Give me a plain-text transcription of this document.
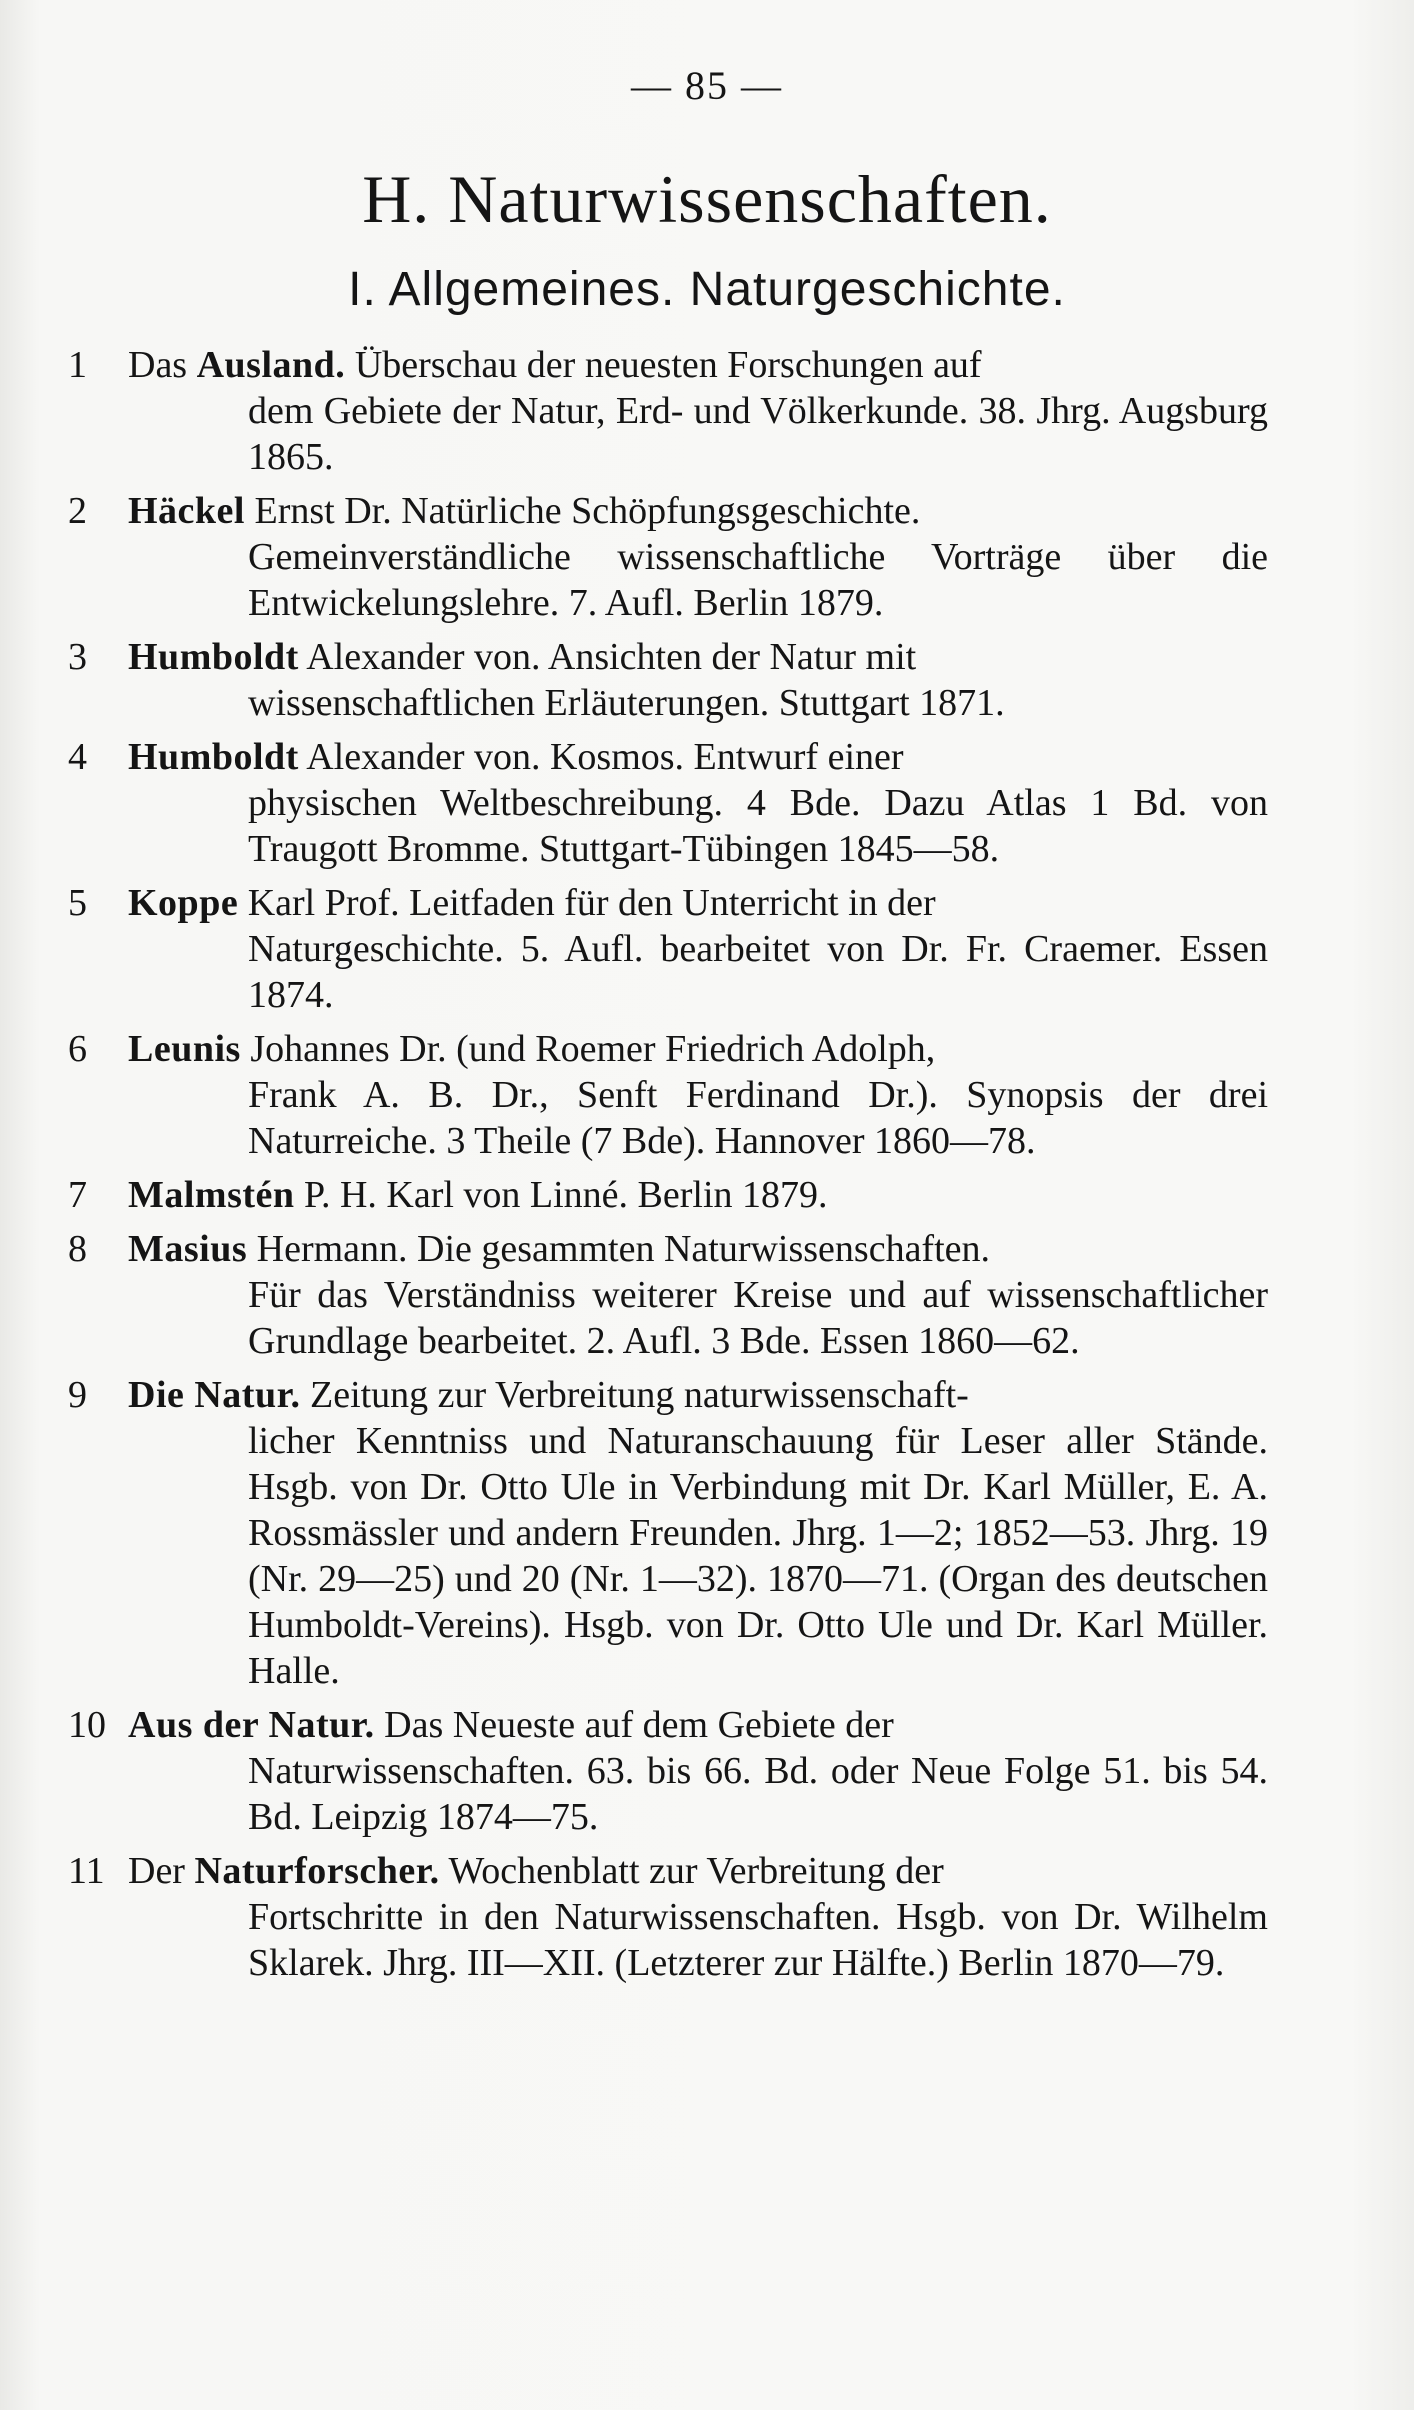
— 85 —
H. Naturwissenschaften.
I. Allgemeines. Naturgeschichte.
1	Das Ausland. Überschau der neuesten Forschungen auf
dem Gebiete der Natur, Erd- und Völkerkunde. 38. Jhrg. Augsburg 1865.
2	Häckel Ernst Dr. Natürliche Schöpfungsgeschichte.
Gemeinverständliche wissenschaftliche Vorträge über die Entwickelungslehre. 7. Aufl. Berlin 1879.
3	Humboldt Alexander von. Ansichten der Natur mit
wissenschaftlichen Erläuterungen. Stuttgart 1871.
4	Humboldt Alexander von. Kosmos. Entwurf einer
physischen Weltbeschreibung. 4 Bde. Dazu Atlas 1 Bd. von Traugott Bromme. Stuttgart-Tübingen 1845—58.
5	Koppe Karl Prof. Leitfaden für den Unterricht in der
Naturgeschichte. 5. Aufl. bearbeitet von Dr. Fr. Craemer. Essen 1874.
6	Leunis Johannes Dr. (und Roemer Friedrich Adolph,
Frank A. B. Dr., Senft Ferdinand Dr.). Synopsis der drei Naturreiche. 3 Theile (7 Bde). Hannover 1860—78.
7	Malmstén P. H. Karl von Linné. Berlin 1879.
8	Masius Hermann. Die gesammten Naturwissenschaften.
Für das Verständniss weiterer Kreise und auf wissenschaftlicher Grundlage bearbeitet. 2. Aufl. 3 Bde. Essen 1860—62.
9	Die Natur. Zeitung zur Verbreitung naturwissenschaft-
licher Kenntniss und Naturanschauung für Leser aller Stände. Hsgb. von Dr. Otto Ule in Verbindung mit Dr. Karl Müller, E. A. Rossmässler und andern Freunden. Jhrg. 1—2; 1852—53. Jhrg. 19 (Nr. 29—25) und 20 (Nr. 1—32). 1870—71. (Organ des deutschen Humboldt-Vereins). Hsgb. von Dr. Otto Ule und Dr. Karl Müller. Halle.
10 Aus der Natur. Das Neueste auf dem Gebiete der
Naturwissenschaften. 63. bis 66. Bd. oder Neue Folge 51. bis 54. Bd. Leipzig 1874—75.
11 Der Naturforscher. Wochenblatt zur Verbreitung der
Fortschritte in den Naturwissenschaften. Hsgb. von Dr. Wilhelm Sklarek. Jhrg. III—XII. (Letzterer zur Hälfte.) Berlin 1870—79.
